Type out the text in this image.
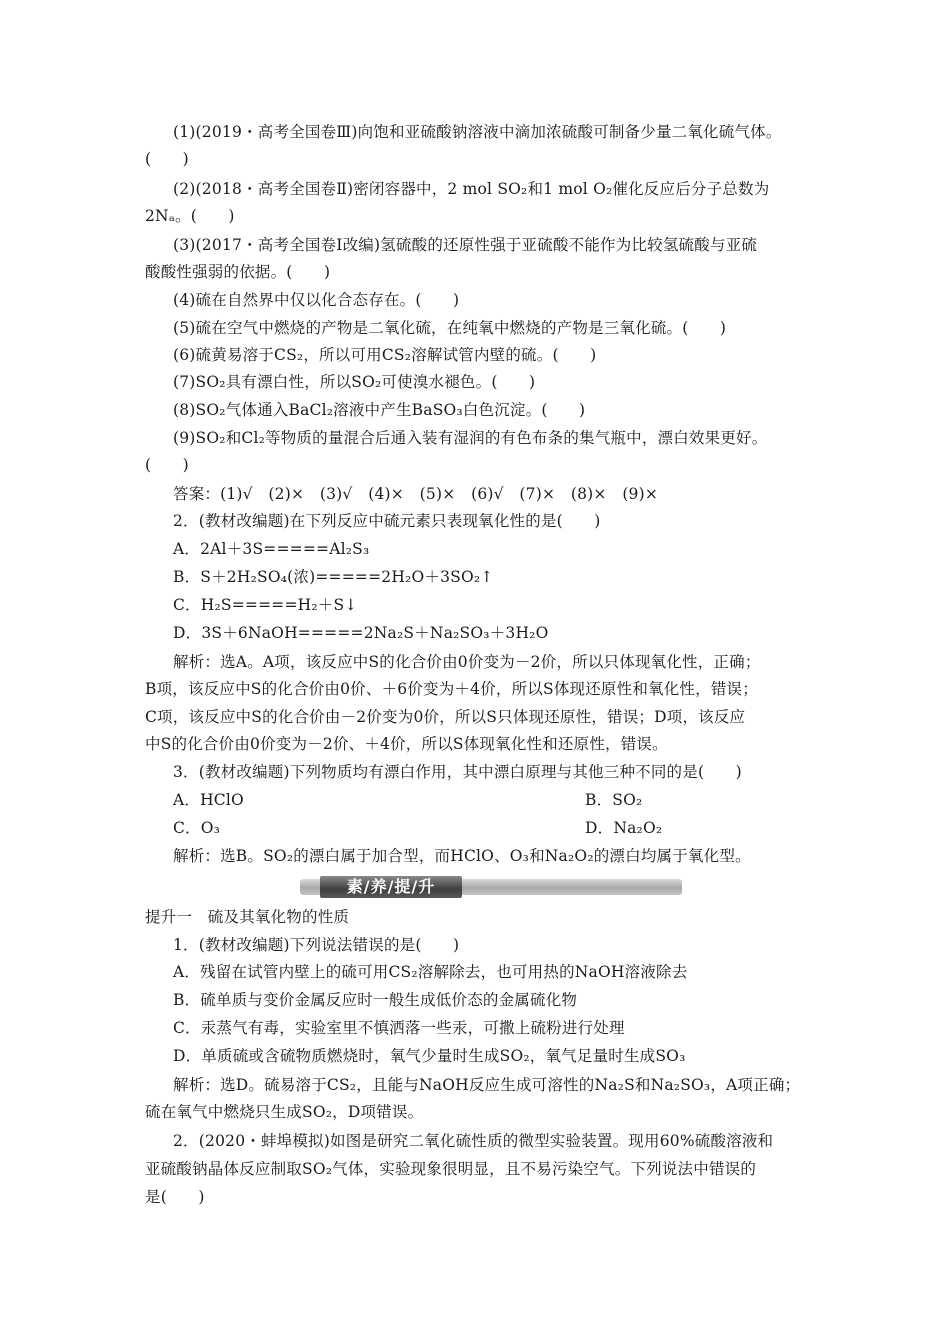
(1)(2019・高考全国卷Ⅲ)向饱和亚硫酸钠溶液中滴加浓硫酸可制备少量二氧化硫气体。
(　　)
(2)(2018・高考全国卷Ⅱ)密闭容器中，2 mol SO₂和1 mol O₂催化反应后分子总数为
2Nₐ。(　　)
(3)(2017・高考全国卷Ⅰ改编)氢硫酸的还原性强于亚硫酸不能作为比较氢硫酸与亚硫
酸酸性强弱的依据。(　　)
(4)硫在自然界中仅以化合态存在。(　　)
(5)硫在空气中燃烧的产物是二氧化硫，在纯氧中燃烧的产物是三氧化硫。(　　)
(6)硫黄易溶于CS₂，所以可用CS₂溶解试管内壁的硫。(　　)
(7)SO₂具有漂白性，所以SO₂可使溴水褪色。(　　)
(8)SO₂气体通入BaCl₂溶液中产生BaSO₃白色沉淀。(　　)
(9)SO₂和Cl₂等物质的量混合后通入装有湿润的有色布条的集气瓶中，漂白效果更好。
(　　)
答案：(1)√　(2)×　(3)√　(4)×　(5)×　(6)√　(7)×　(8)×　(9)×
2．(教材改编题)在下列反应中硫元素只表现氧化性的是(　　)
A．2Al＋3S=====Al₂S₃
B．S＋2H₂SO₄(浓)=====2H₂O＋3SO₂↑
C．H₂S=====H₂＋S↓
D．3S＋6NaOH=====2Na₂S＋Na₂SO₃＋3H₂O
解析：选A。A项，该反应中S的化合价由0价变为－2价，所以只体现氧化性，正确；
B项，该反应中S的化合价由0价、＋6价变为＋4价，所以S体现还原性和氧化性，错误；
C项，该反应中S的化合价由－2价变为0价，所以S只体现还原性，错误；D项，该反应
中S的化合价由0价变为－2价、＋4价，所以S体现氧化性和还原性，错误。
3．(教材改编题)下列物质均有漂白作用，其中漂白原理与其他三种不同的是(　　)
A．HClO	B．SO₂
C．O₃	D．Na₂O₂
解析：选B。SO₂的漂白属于加合型，而HClO、O₃和Na₂O₂的漂白均属于氧化型。
素/养/提/升
提升一　硫及其氧化物的性质
1．(教材改编题)下列说法错误的是(　　)
A．残留在试管内壁上的硫可用CS₂溶解除去，也可用热的NaOH溶液除去
B．硫单质与变价金属反应时一般生成低价态的金属硫化物
C．汞蒸气有毒，实验室里不慎洒落一些汞，可撒上硫粉进行处理
D．单质硫或含硫物质燃烧时，氧气少量时生成SO₂，氧气足量时生成SO₃
解析：选D。硫易溶于CS₂，且能与NaOH反应生成可溶性的Na₂S和Na₂SO₃，A项正确；
硫在氧气中燃烧只生成SO₂，D项错误。
2．(2020・蚌埠模拟)如图是研究二氧化硫性质的微型实验装置。现用60%硫酸溶液和
亚硫酸钠晶体反应制取SO₂气体，实验现象很明显，且不易污染空气。下列说法中错误的
是(　　)
